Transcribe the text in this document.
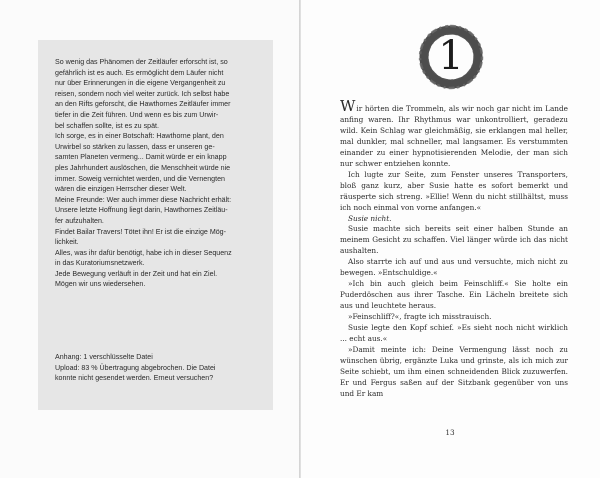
So wenig das Phänomen der Zeitläufer erforscht ist, so

gefährlich ist es auch. Es ermöglicht dem Läufer nicht

nur über Erinnerungen in die eigene Vergangenheit zu

reisen, sondern noch viel weiter zurück. Ich selbst habe

an den Rifts geforscht, die Hawthornes Zeitläufer immer

tiefer in die Zeit führen. Und wenn es bis zum Urwir-

bel schaffen sollte, ist es zu spät.

Ich sorge, es in einer Botschaft: Hawthorne plant, den

Urwirbel so stärken zu lassen, dass er unseren ge-

samten Planeten vermeng... Damit würde er ein knapp

ples Jahrhundert auslöschen, die Menschheit würde nie

immer. Soweig vernichtet werden, und die Vernengten

wären die einzigen Herrscher dieser Welt.

Meine Freunde: Wer auch immer diese Nachricht erhält:

Unsere letzte Hoffnung liegt darin, Hawthornes Zeitläu-

fer aufzuhalten.

Findet Bailar Travers! Tötet ihn! Er ist die einzige Mög-

lichkeit.

Alles, was ihr dafür benötigt, habe ich in dieser Sequenz

in das Kuratoriumsnetzwerk.

Jede Bewegung verläuft in der Zeit und hat ein Ziel.

Mögen wir uns wiedersehen.

Anhang: 1 verschlüsselte Datei

Upload: 83 % Übertragung abgebrochen. Die Datei

konnte nicht gesendet werden. Erneut versuchen?

1

Wir hörten die Trommeln, als wir noch gar nicht im Lande anfing waren. Ihr Rhythmus war unkontrolliert, geradezu wild. Kein Schlag war gleichmäßig, sie erklangen mal heller, mal dunkler, mal schneller, mal langsamer. Es verstummten einander zu einer hypnotisierenden Melodie, der man sich nur schwer entziehen konnte.

Ich lugte zur Seite, zum Fenster unseres Transporters, bloß ganz kurz, aber Susie hatte es sofort bemerkt und räusperte sich streng. »Ellie! Wenn du nicht stillhältst, muss ich noch einmal von vorne anfangen.«

Susie nicht.

Susie machte sich bereits seit einer halben Stunde an meinem Gesicht zu schaffen. Viel länger würde ich das nicht aushalten.

Also starrte ich auf und aus und versuchte, mich nicht zu bewegen. »Entschuldige.«

»Ich bin auch gleich beim Feinschliff.« Sie holte ein Puderdöschen aus ihrer Tasche. Ein Lächeln breitete sich aus und leuchtete heraus.

»Feinschliff?«, fragte ich misstrauisch.

Susie legte den Kopf schief. »Es sieht noch nicht wirklich ... echt aus.«

»Damit meinte ich: Deine Vermengung lässt noch zu wünschen übrig, ergänzte Luka und grinste, als ich mich zur Seite schiebt, um ihm einen schneidenden Blick zuzuwerfen. Er und Fergus saßen auf der Sitzbank gegenüber von uns und Er kam

13
